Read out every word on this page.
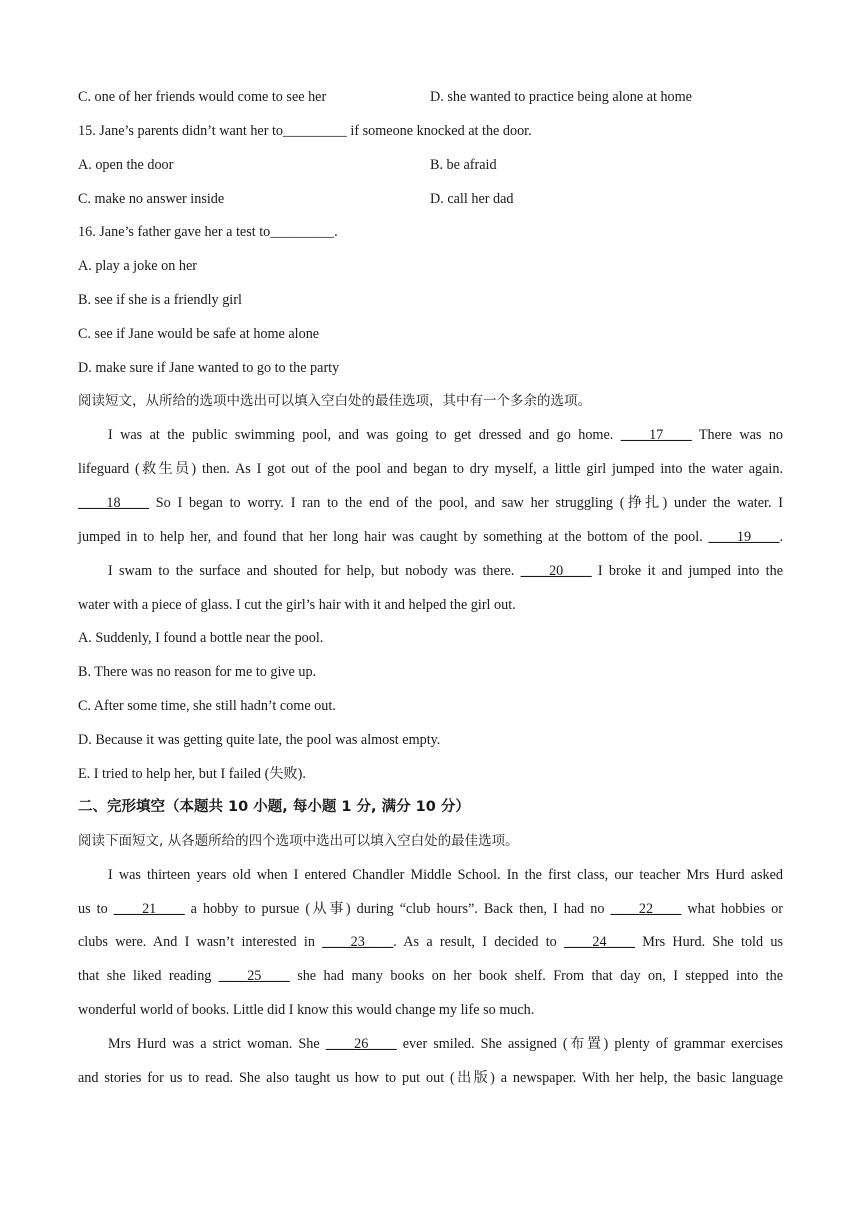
C. one of her friends would come to see her	D. she wanted to practice being alone at home
15. Jane’s parents didn’t want her to_________ if someone knocked at the door.
A. open the door	B. be afraid
C. make no answer inside	D. call her dad
16. Jane’s father gave her a test to_________.
A. play a joke on her
B. see if she is a friendly girl
C. see if Jane would be safe at home alone
D. make sure if Jane wanted to go to the party
阅读短文，从所给的选项中选出可以填入空白处的最佳选项，其中有一个多余的选项。
I was at the public swimming pool, and was going to get dressed and go home. ____17____ There was no
lifeguard (救生员) then. As I got out of the pool and began to dry myself, a little girl jumped into the water again.
____18____ So I began to worry. I ran to the end of the pool, and saw her struggling (挣扎) under the water. I
jumped in to help her, and found that her long hair was caught by something at the bottom of the pool. ____19____.
I swam to the surface and shouted for help, but nobody was there. ____20____ I broke it and jumped into the
water with a piece of glass. I cut the girl’s hair with it and helped the girl out.
A. Suddenly, I found a bottle near the pool.
B. There was no reason for me to give up.
C. After some time, she still hadn’t come out.
D. Because it was getting quite late, the pool was almost empty.
E. I tried to help her, but I failed (失败).
二、完形填空（本题共 10 小题, 每小题 1 分, 满分 10 分）
阅读下面短文, 从各题所给的四个选项中选出可以填入空白处的最佳选项。
I was thirteen years old when I entered Chandler Middle School. In the first class, our teacher Mrs Hurd asked
us to ____21____ a hobby to pursue (从事) during “club hours”. Back then, I had no ____22____ what hobbies or
clubs were. And I wasn’t interested in ____23____. As a result, I decided to ____24____ Mrs Hurd. She told us
that she liked reading ____25____ she had many books on her book shelf. From that day on, I stepped into the
wonderful world of books. Little did I know this would change my life so much.
Mrs Hurd was a strict woman. She ____26____ ever smiled. She assigned (布置) plenty of grammar exercises
and stories for us to read. She also taught us how to put out (出版) a newspaper. With her help, the basic language
